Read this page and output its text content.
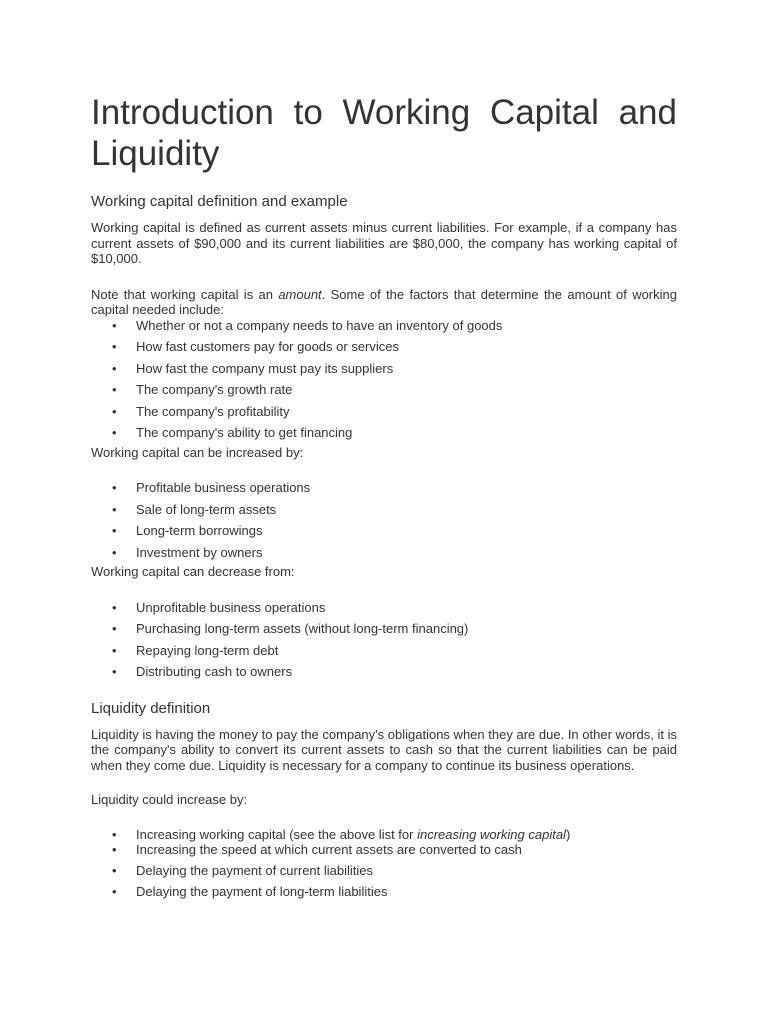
Introduction to Working Capital and Liquidity
Working capital definition and example

Working capital is defined as current assets minus current liabilities. For example, if a company has current assets of $90,000 and its current liabilities are $80,000, the company has working capital of $10,000.

Note that working capital is an amount. Some of the factors that determine the amount of working capital needed include:

• Whether or not a company needs to have an inventory of goods
• How fast customers pay for goods or services
• How fast the company must pay its suppliers
• The company's growth rate
• The company's profitability
• The company's ability to get financing

Working capital can be increased by:

• Profitable business operations
• Sale of long-term assets
• Long-term borrowings
• Investment by owners

Working capital can decrease from:

• Unprofitable business operations
• Purchasing long-term assets (without long-term financing)
• Repaying long-term debt
• Distributing cash to owners
Liquidity definition

Liquidity is having the money to pay the company's obligations when they are due. In other words, it is the company's ability to convert its current assets to cash so that the current liabilities can be paid when they come due. Liquidity is necessary for a company to continue its business operations.

Liquidity could increase by:

• Increasing working capital (see the above list for increasing working capital)
• Increasing the speed at which current assets are converted to cash
• Delaying the payment of current liabilities
• Delaying the payment of long-term liabilities
